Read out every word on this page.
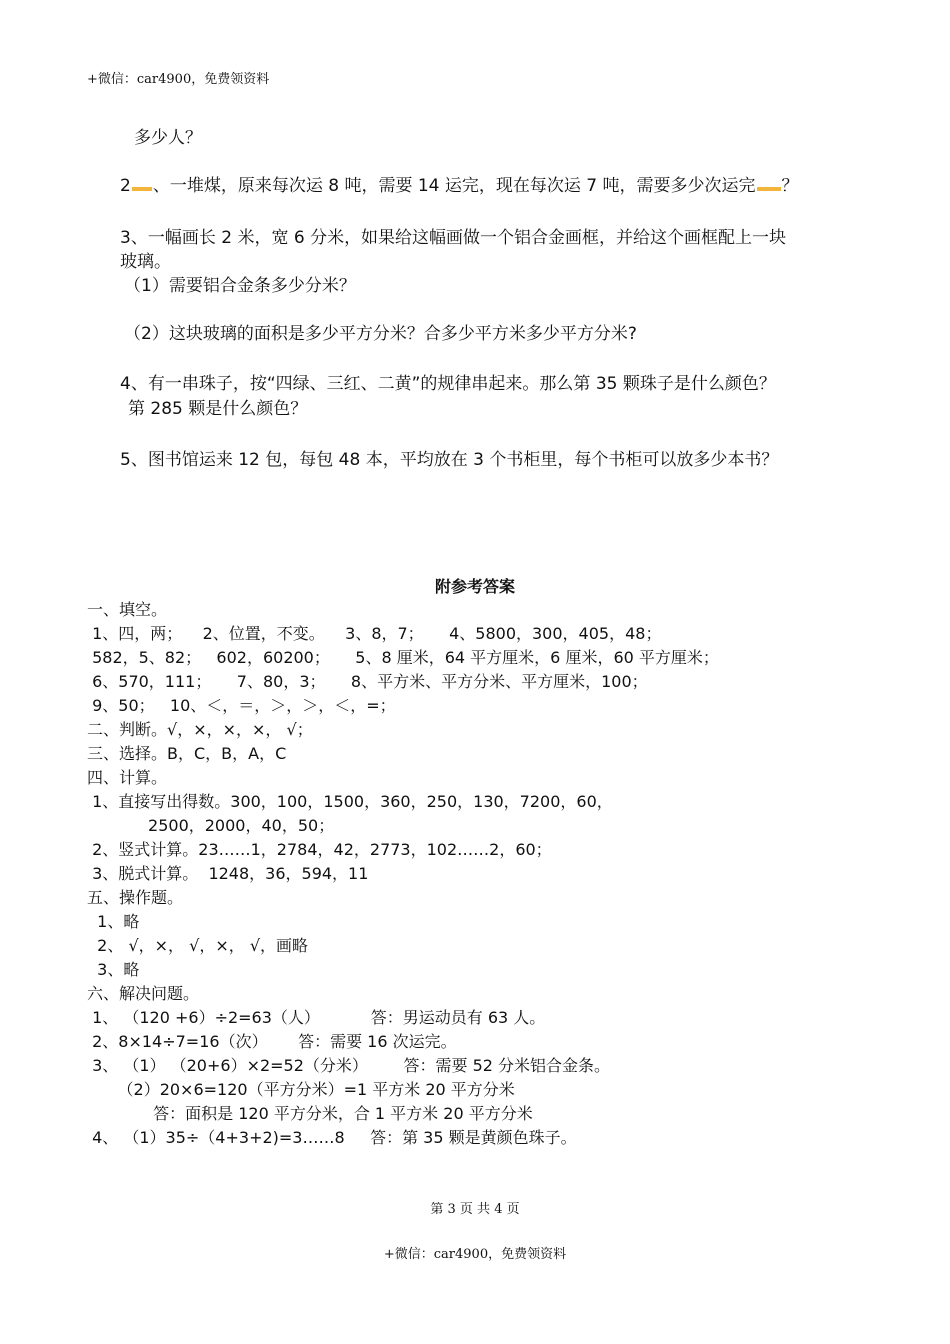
+微信：car4900，免费领资料
多少人？
2 、一堆煤，原来每次运 8 吨，需要 14 运完，现在每次运 7 吨，需要多少次运完 ？
3、一幅画长 2 米，宽 6 分米，如果给这幅画做一个铝合金画框，并给这个画框配上一块
玻璃。
（1）需要铝合金条多少分米？
（2）这块玻璃的面积是多少平方分米？合多少平方米多少平方分米?
4、有一串珠子，按“四绿、三红、二黄”的规律串起来。那么第 35 颗珠子是什么颜色？
第 285 颗是什么颜色？
5、图书馆运来 12 包，每包 48 本，平均放在 3 个书柜里，每个书柜可以放多少本书？
附参考答案
一、填空。
1、四，两；    2、位置，不变。    3、8，7；     4、5800，300，405，48；
582，5、82；   602，60200；     5、8 厘米，64 平方厘米，6 厘米，60 平方厘米；
6、570，111；     7、80，3；     8、平方米、平方分米、平方厘米，100；
9、50；   10、＜，＝，＞，＞，＜，=；
二、判断。√，×，×，×， √；
三、选择。B，C，B，A，C
四、计算。
1、直接写出得数。300，100，1500，360，250，130，7200，60，
2500，2000，40，50；
2、竖式计算。23……1，2784，42，2773，102……2，60；
3、脱式计算。  1248，36，594，11
五、操作题。
1、略
2、 √，×， √，×， √，画略
3、略
六、解决问题。
1、 （120 +6）÷2=63（人）          答：男运动员有 63 人。
2、8×14÷7=16（次）      答：需要 16 次运完。
3、 （1） （20+6）×2=52（分米）       答：需要 52 分米铝合金条。
（2）20×6=120（平方分米）=1 平方米 20 平方分米
答：面积是 120 平方分米，合 1 平方米 20 平方分米
4、 （1）35÷（4+3+2)=3……8     答：第 35 颗是黄颜色珠子。
第 3 页 共 4 页
+微信：car4900，免费领资料
